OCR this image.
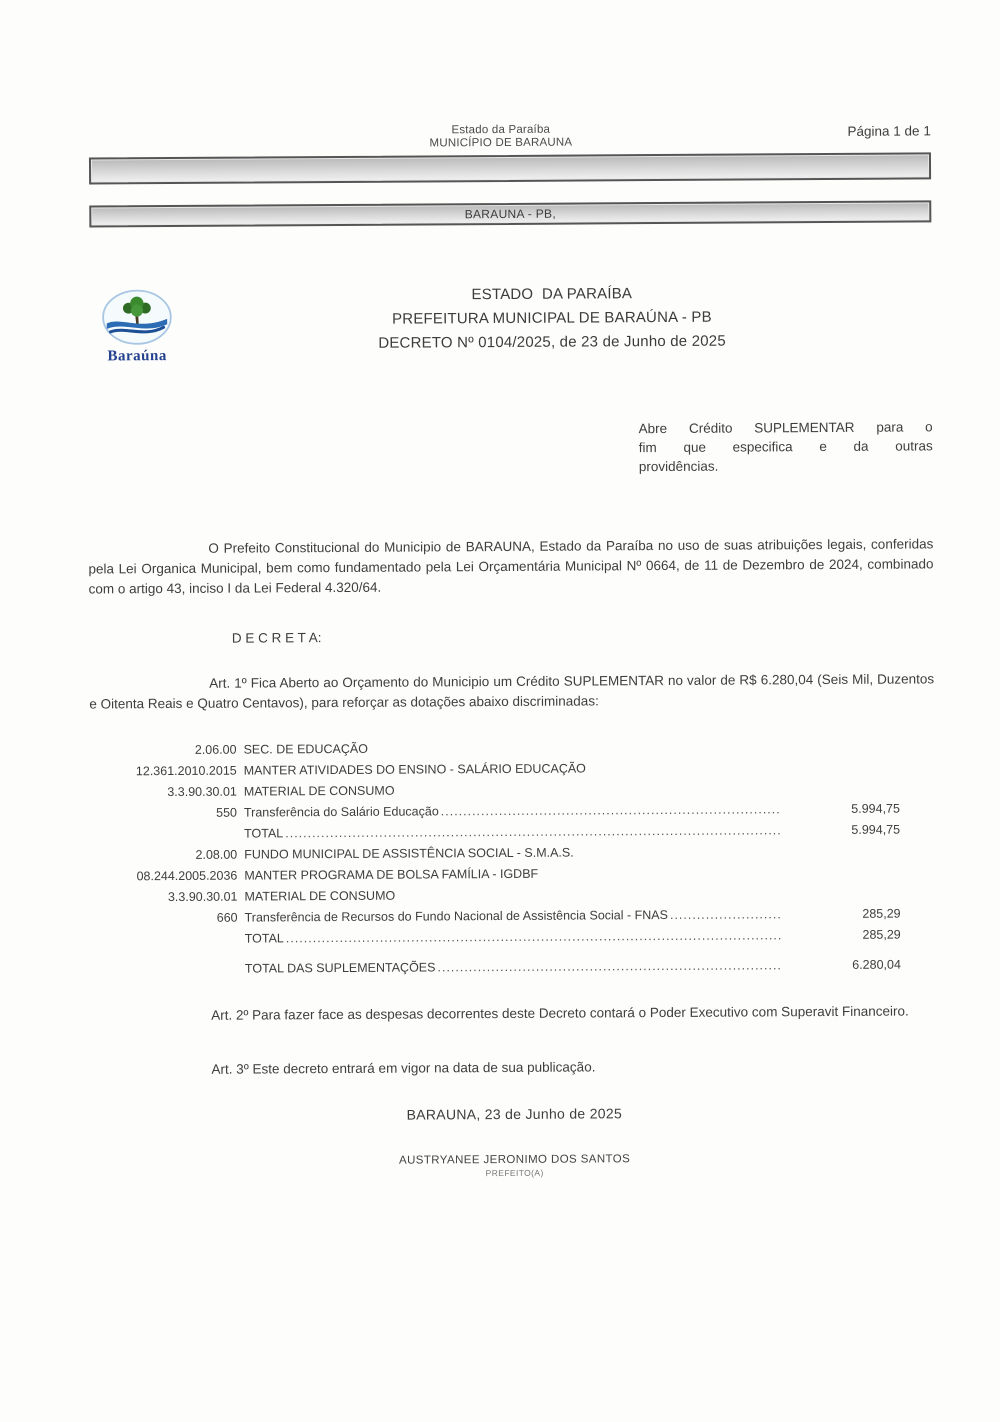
Estado da Paraíba
MUNICÍPIO DE BARAUNA
Página 1 de 1
BARAUNA - PB,
Baraúna
ESTADO  DA PARAÍBA
PREFEITURA MUNICIPAL DE BARAÚNA - PB
DECRETO Nº 0104/2025, de 23 de Junho de 2025
Abre Crédito SUPLEMENTAR para o
fim que especifica e da outras
providências.

O Prefeito Constitucional do Municipio de BARAUNA, Estado da Paraíba no uso de suas atribuições legais, conferidas pela Lei Organica Municipal, bem como fundamentado pela Lei Orçamentária Municipal Nº 0664, de 11 de Dezembro de 2024, combinado com o artigo 43, inciso I da Lei Federal 4.320/64.

D E C R E T A:

Art. 1º Fica Aberto ao Orçamento do Municipio um Crédito SUPLEMENTAR no valor de R$ 6.280,04 (Seis Mil, Duzentos e Oitenta Reais e Quatro Centavos), para reforçar as dotações abaixo discriminadas:

2.06.00 SEC. DE EDUCAÇÃO
12.361.2010.2015 MANTER ATIVIDADES DO ENSINO - SALÁRIO EDUCAÇÃO
3.3.90.30.01 MATERIAL DE CONSUMO
550 Transferência do Salário Educação .....	5.994,75
TOTAL .....	5.994,75
2.08.00 FUNDO MUNICIPAL DE ASSISTÊNCIA SOCIAL - S.M.A.S.
08.244.2005.2036 MANTER PROGRAMA DE BOLSA FAMÍLIA - IGDBF
3.3.90.30.01 MATERIAL DE CONSUMO
660 Transferência de Recursos do Fundo Nacional de Assistência Social - FNAS .....	285,29
TOTAL .....	285,29
TOTAL DAS SUPLEMENTAÇÕES .....	6.280,04

Art. 2º Para fazer face as despesas decorrentes deste Decreto contará o Poder Executivo com Superavit Financeiro.

Art. 3º Este decreto entrará em vigor na data de sua publicação.

BARAUNA, 23 de Junho de 2025
AUSTRYANEE JERONIMO DOS SANTOS
PREFEITO(A)
